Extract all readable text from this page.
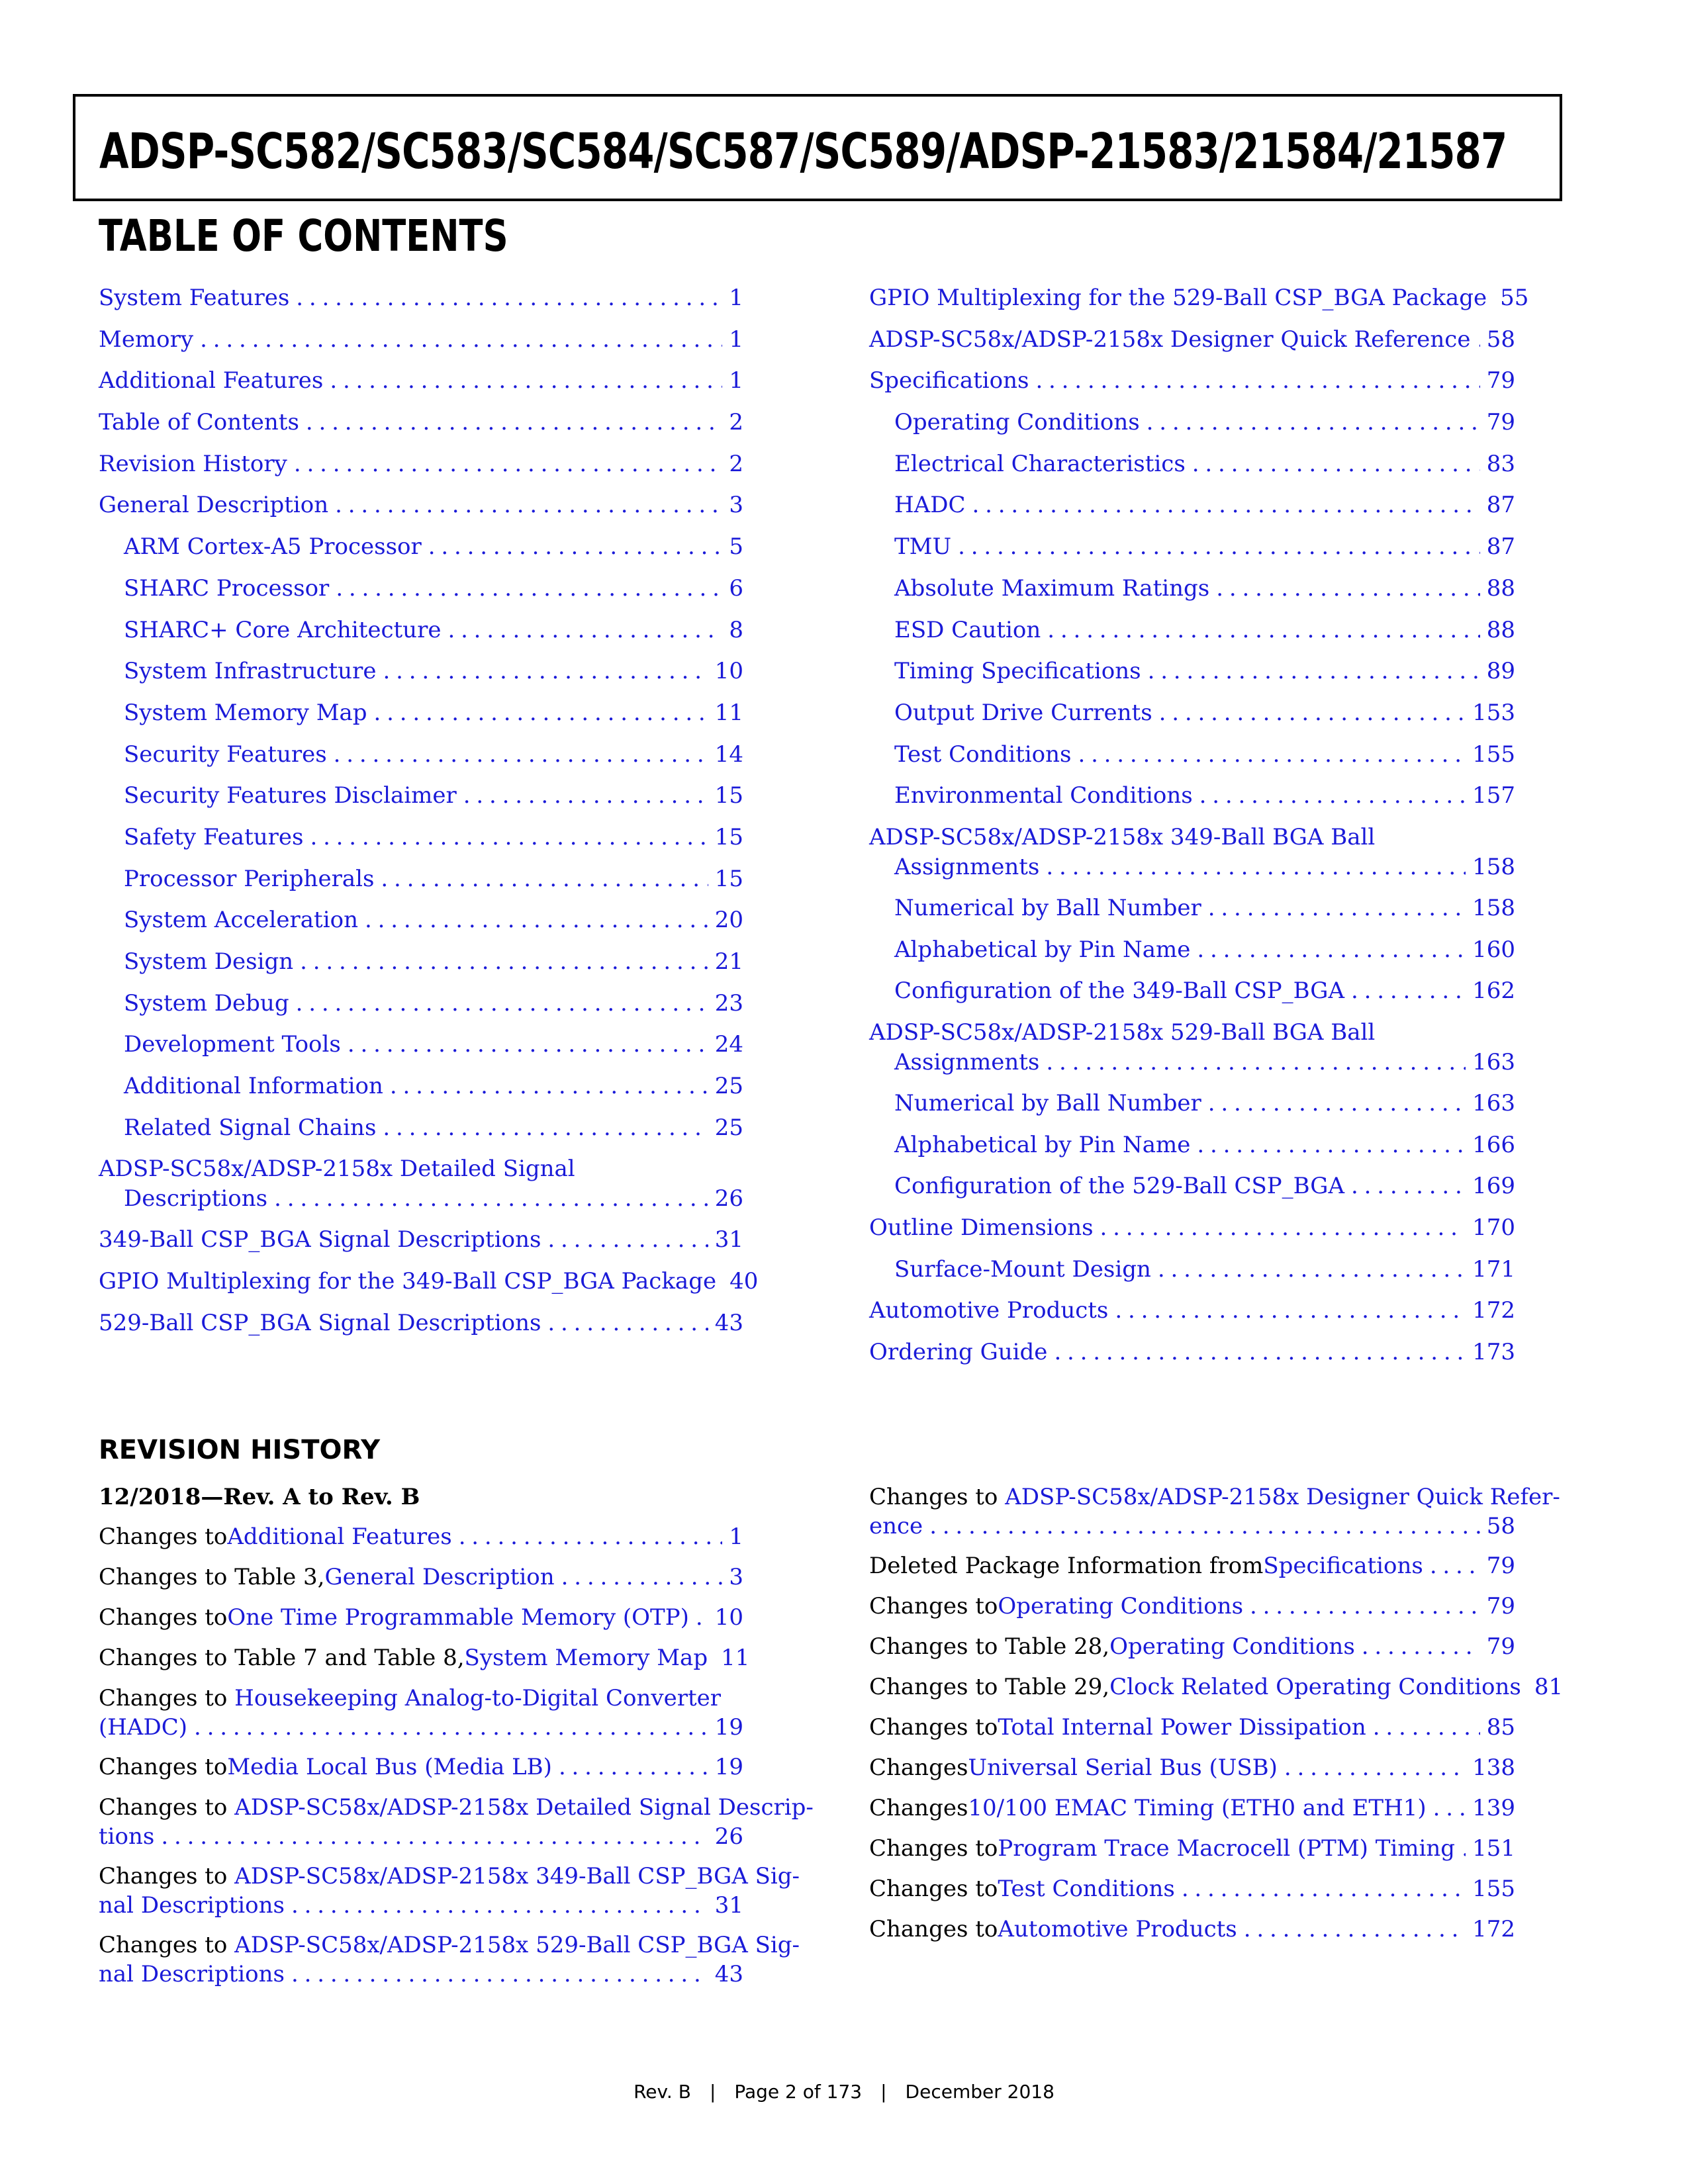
ADSP-SC582/SC583/SC584/SC587/SC589/ADSP-21583/21584/21587
TABLE OF CONTENTS
System Features . . .	1
Memory . . .	1
Additional Features . . .	1
Table of Contents . . .	2
Revision History . . .	2
General Description . . .	3
ARM Cortex-A5 Processor . . .	5
SHARC Processor . . .	6
SHARC+ Core Architecture . . .	8
System Infrastructure . . .	10
System Memory Map . . .	11
Security Features . . .	14
Security Features Disclaimer . . .	15
Safety Features . . .	15
Processor Peripherals . . .	15
System Acceleration . . .	20
System Design . . .	21
System Debug . . .	23
Development Tools . . .	24
Additional Information . . .	25
Related Signal Chains . . .	25
ADSP-SC58x/ADSP-2158x Detailed Signal
Descriptions . . .	26
349-Ball CSP_BGA Signal Descriptions . . .	31
GPIO Multiplexing for the 349-Ball CSP_BGA Package 40
529-Ball CSP_BGA Signal Descriptions . . .	43
GPIO Multiplexing for the 529-Ball CSP_BGA Package 55
ADSP-SC58x/ADSP-2158x Designer Quick Reference . . . 58
Specifications . . .	79
Operating Conditions . . .	79
Electrical Characteristics . . .	83
HADC . . .	87
TMU . . .	87
Absolute Maximum Ratings . . .	88
ESD Caution . . .	88
Timing Specifications . . .	89
Output Drive Currents . . .	153
Test Conditions . . .	155
Environmental Conditions . . .	157
ADSP-SC58x/ADSP-2158x 349-Ball BGA Ball
Assignments . . .	158
Numerical by Ball Number . . .	158
Alphabetical by Pin Name . . .	160
Configuration of the 349-Ball CSP_BGA . . .	162
ADSP-SC58x/ADSP-2158x 529-Ball BGA Ball
Assignments . . .	163
Numerical by Ball Number . . .	163
Alphabetical by Pin Name . . .	166
Configuration of the 529-Ball CSP_BGA . . .	169
Outline Dimensions . . .	170
Surface-Mount Design . . .	171
Automotive Products . . .	172
Ordering Guide . . .	173
REVISION HISTORY
12/2018—Rev. A to Rev. B
Changes to Additional Features . . .	1
Changes to Table 3, General Description . . .	3
Changes to One Time Programmable Memory (OTP) . . . 10
Changes to Table 7 and Table 8, System Memory Map 11
Changes to Housekeeping Analog-to-Digital Converter
(HADC) . . .	19
Changes to Media Local Bus (Media LB) . . .	19
Changes to ADSP-SC58x/ADSP-2158x Detailed Signal Descrip-
tions . . .	26
Changes to ADSP-SC58x/ADSP-2158x 349-Ball CSP_BGA Sig-
nal Descriptions . . .	31
Changes to ADSP-SC58x/ADSP-2158x 529-Ball CSP_BGA Sig-
nal Descriptions . . .	43
Changes to ADSP-SC58x/ADSP-2158x Designer Quick Refer-
ence . . .	58
Deleted Package Information from Specifications . . .	79
Changes to Operating Conditions . . .	79
Changes to Table 28, Operating Conditions . . .	79
Changes to Table 29, Clock Related Operating Conditions 81
Changes to Total Internal Power Dissipation . . .	85
Changes Universal Serial Bus (USB) . . .	138
Changes 10/100 EMAC Timing (ETH0 and ETH1) . . . 139
Changes to Program Trace Macrocell (PTM) Timing . . . 151
Changes to Test Conditions . . .	155
Changes to Automotive Products . . .	172
Rev. B | Page 2 of 173 | December 2018
